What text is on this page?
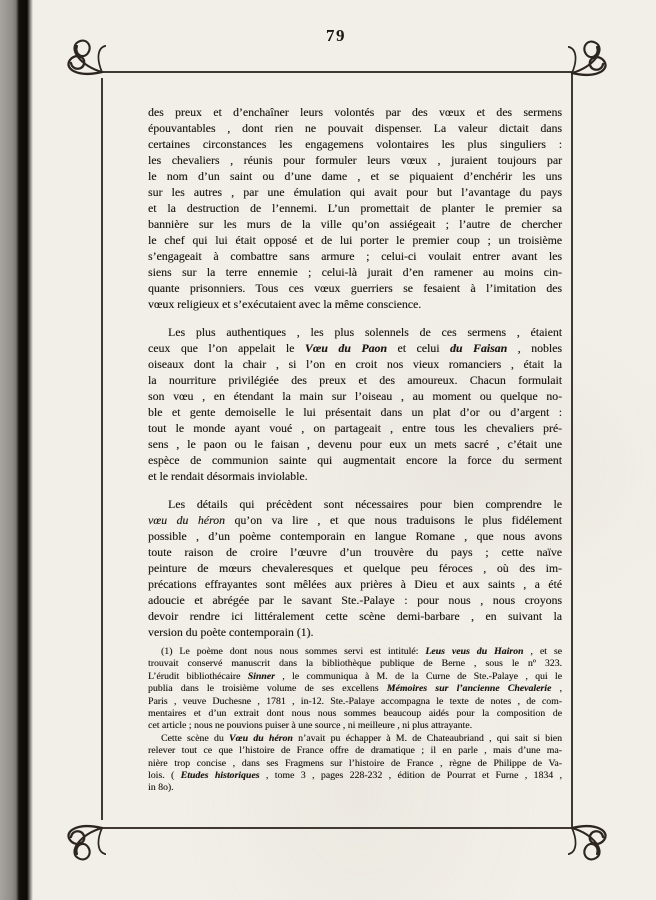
79
des preux et d’enchaîner leurs volontés par des vœux et des sermens
épouvantables , dont rien ne pouvait dispenser. La valeur dictait dans
certaines circonstances les engagemens volontaires les plus singuliers :
les chevaliers , réunis pour formuler leurs vœux , juraient toujours par
le nom d’un saint ou d’une dame , et se piquaient d’enchérir les uns
sur les autres , par une émulation qui avait pour but l’avantage du pays
et la destruction de l’ennemi. L’un promettait de planter le premier sa
bannière sur les murs de la ville qu’on assiégeait ; l’autre de chercher
le chef qui lui était opposé et de lui porter le premier coup ; un troisième
s’engageait à combattre sans armure ; celui-ci voulait entrer avant les
siens sur la terre ennemie ; celui-là jurait d’en ramener au moins cin-
quante prisonniers. Tous ces vœux guerriers se fesaient à l’imitation des
vœux religieux et s’exécutaient avec la même conscience.
Les plus authentiques , les plus solennels de ces sermens , étaient
ceux que l’on appelait le Vœu du Paon et celui du Faisan , nobles
oiseaux dont la chair , si l’on en croit nos vieux romanciers , était la
la nourriture privilégiée des preux et des amoureux. Chacun formulait
son vœu , en étendant la main sur l’oiseau , au moment ou quelque no-
ble et gente demoiselle le lui présentait dans un plat d’or ou d’argent :
tout le monde ayant voué , on partageait , entre tous les chevaliers pré-
sens , le paon ou le faisan , devenu pour eux un mets sacré , c’était une
espèce de communion sainte qui augmentait encore la force du serment
et le rendait désormais inviolable.
Les détails qui précèdent sont nécessaires pour bien comprendre le
vœu du héron qu’on va lire , et que nous traduisons le plus fidélement
possible , d’un poème contemporain en langue Romane , que nous avons
toute raison de croire l’œuvre d’un trouvère du pays ; cette naïve
peinture de mœurs chevaleresques et quelque peu féroces , où des im-
précations effrayantes sont mêlées aux prières à Dieu et aux saints , a été
adoucie et abrégée par le savant Ste.-Palaye : pour nous , nous croyons
devoir rendre ici littéralement cette scène demi-barbare , en suivant la
version du poète contemporain (1).
(1) Le poème dont nous nous sommes servi est intitulé: Leus veus du Hairon , et se
trouvait conservé manuscrit dans la bibliothèque publique de Berne , sous le nº 323.
L’érudit bibliothécaire Sinner , le communiqua à M. de la Curne de Ste.-Palaye , qui le
publia dans le troisième volume de ses excellens Mémoires sur l’ancienne Chevalerie ,
Paris , veuve Duchesne , 1781 , in-12. Ste.-Palaye accompagna le texte de notes , de com-
mentaires et d’un extrait dont nous nous sommes beaucoup aidés pour la composition de
cet article ; nous ne pouvions puiser à une source , ni meilleure , ni plus attrayante.
Cette scène du Vœu du héron n’avait pu échapper à M. de Chateaubriand , qui sait si bien
relever tout ce que l’histoire de France offre de dramatique ; il en parle , mais d’une ma-
nière trop concise , dans ses Fragmens sur l’histoire de France , règne de Philippe de Va-
lois. ( Etudes historiques , tome 3 , pages 228-232 , édition de Pourrat et Furne , 1834 ,
in 8o).
